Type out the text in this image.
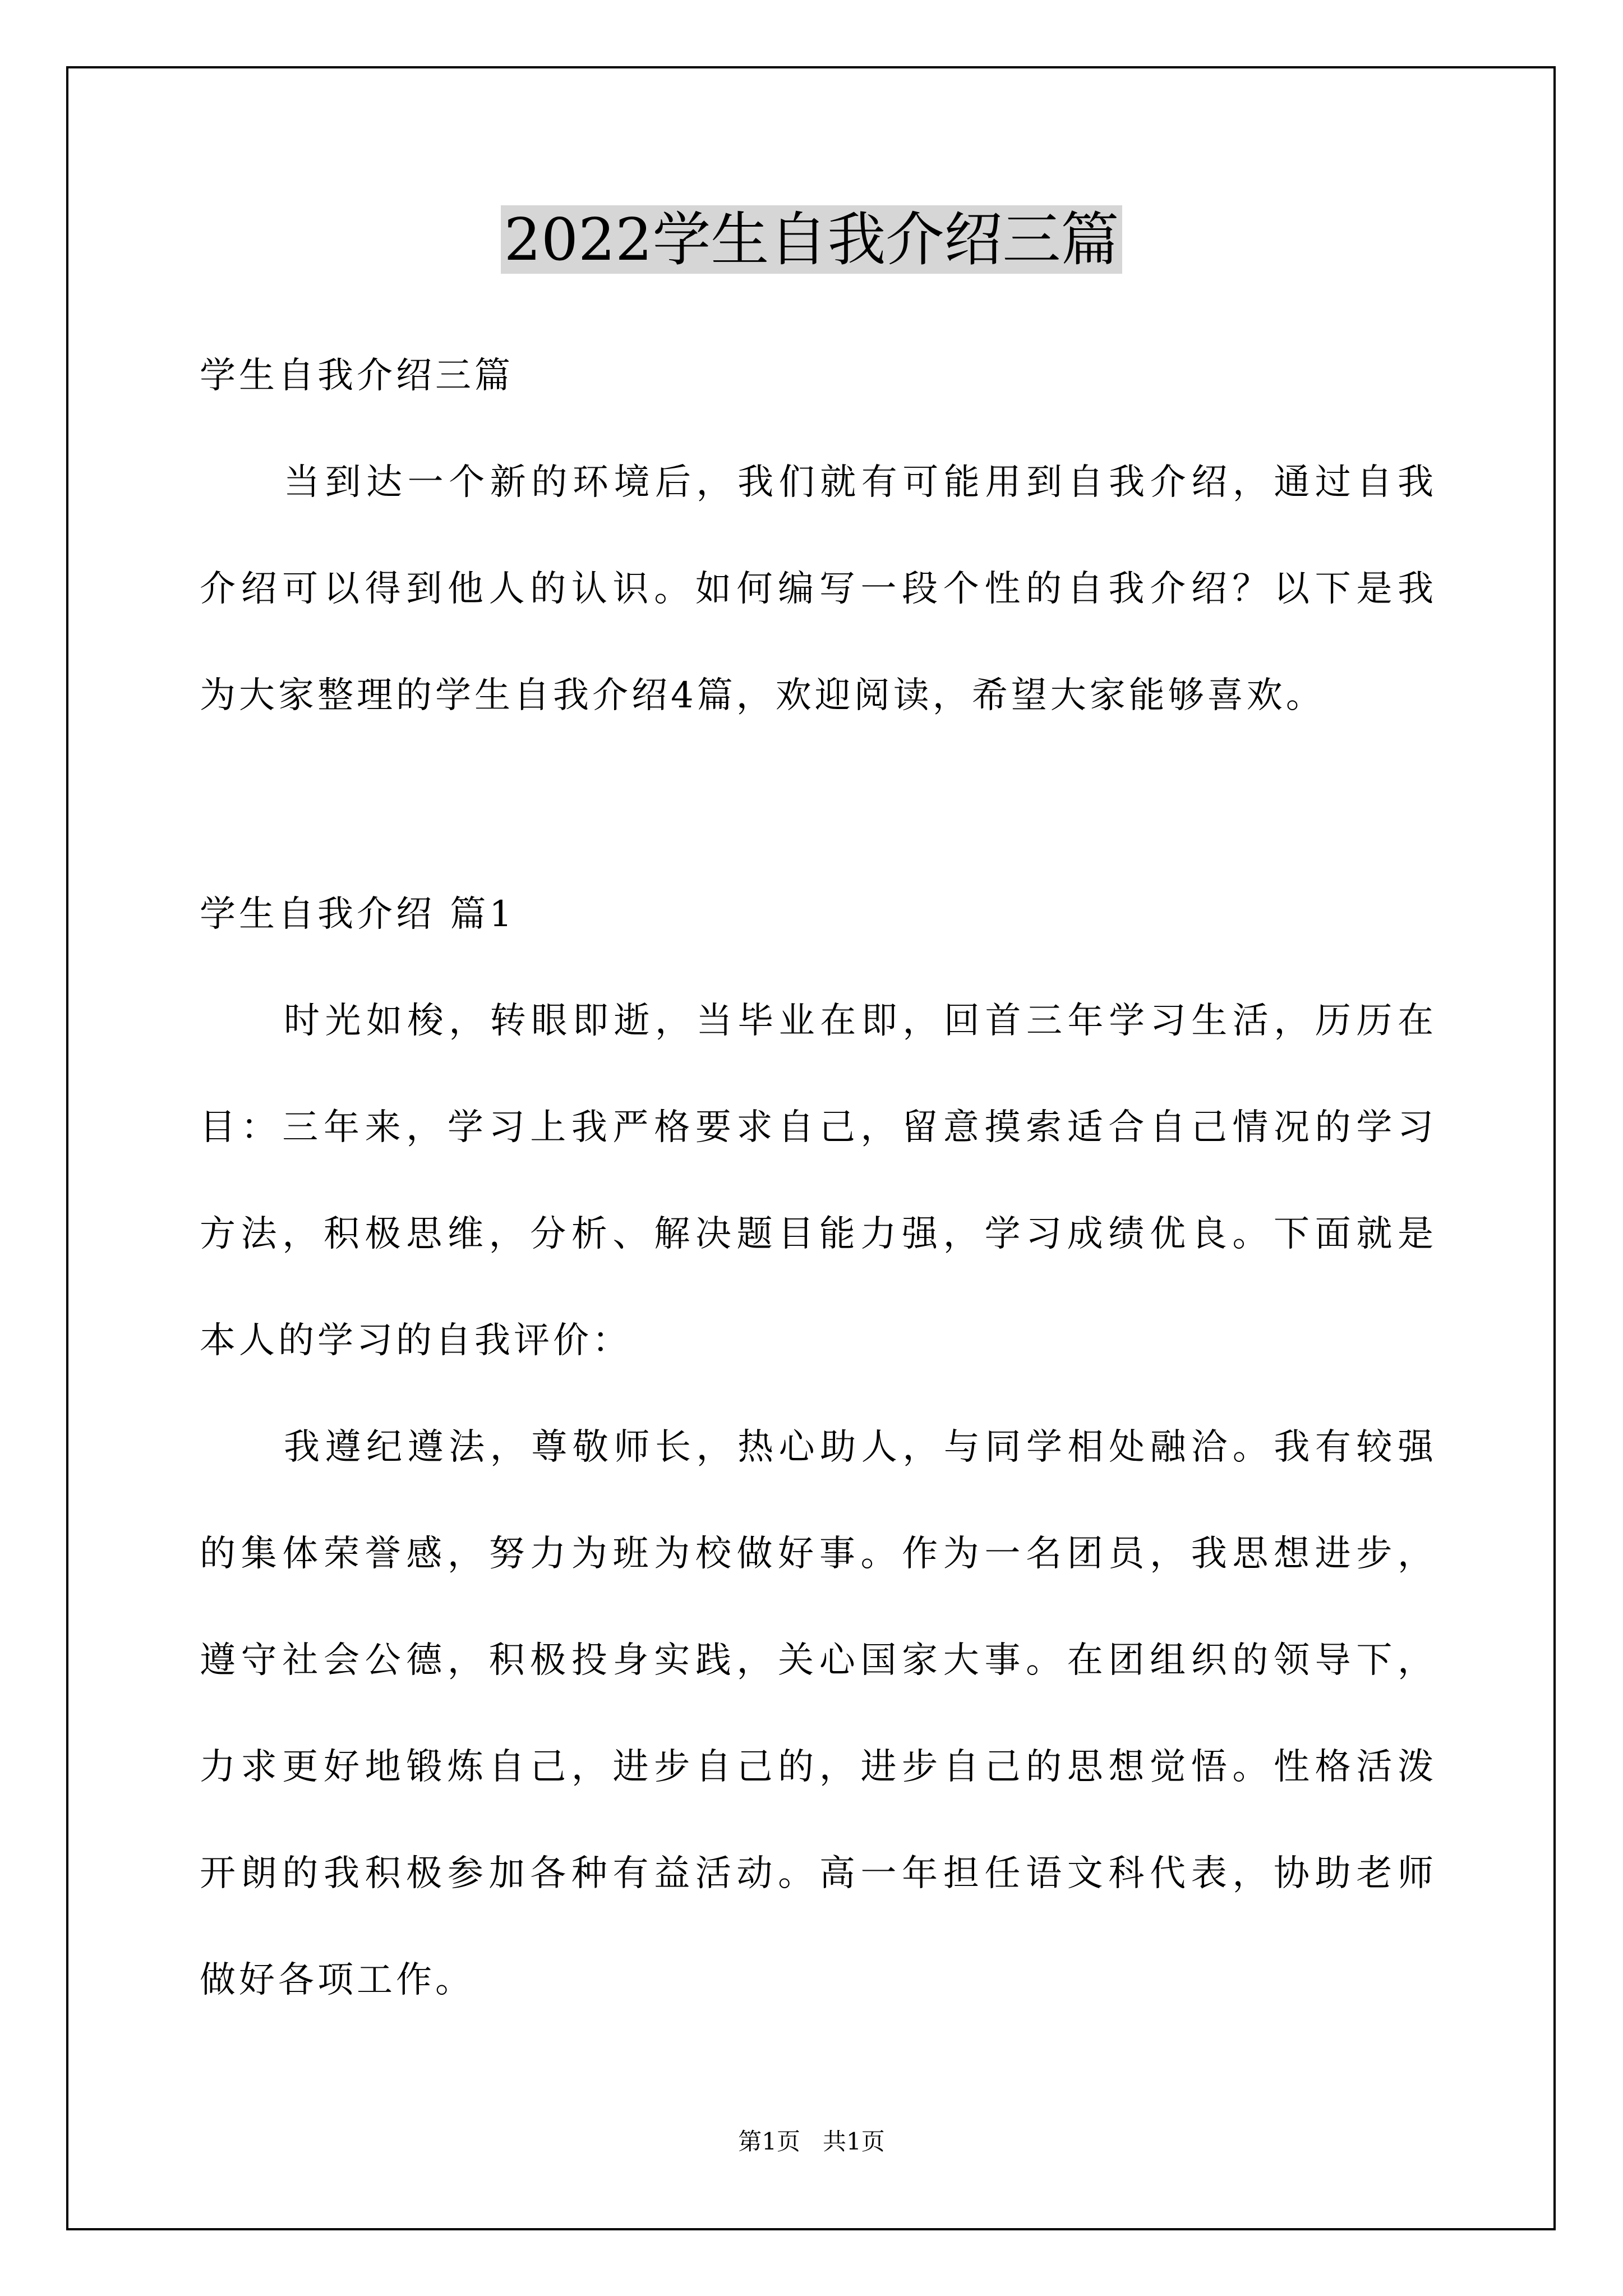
2022学生自我介绍三篇
学生自我介绍三篇
当到达一个新的环境后，我们就有可能用到自我介绍，通过自我
介绍可以得到他人的认识。如何编写一段个性的自我介绍？以下是我
为大家整理的学生自我介绍4篇，欢迎阅读，希望大家能够喜欢。
学生自我介绍 篇1
时光如梭，转眼即逝，当毕业在即，回首三年学习生活，历历在
目：三年来，学习上我严格要求自己，留意摸索适合自己情况的学习
方法，积极思维，分析、解决题目能力强，学习成绩优良。下面就是
本人的学习的自我评价：
我遵纪遵法，尊敬师长，热心助人，与同学相处融洽。我有较强
的集体荣誉感，努力为班为校做好事。作为一名团员，我思想进步，
遵守社会公德，积极投身实践，关心国家大事。在团组织的领导下，
力求更好地锻炼自己，进步自己的，进步自己的思想觉悟。性格活泼
开朗的我积极参加各种有益活动。高一年担任语文科代表，协助老师
做好各项工作。
第1页   共1页
